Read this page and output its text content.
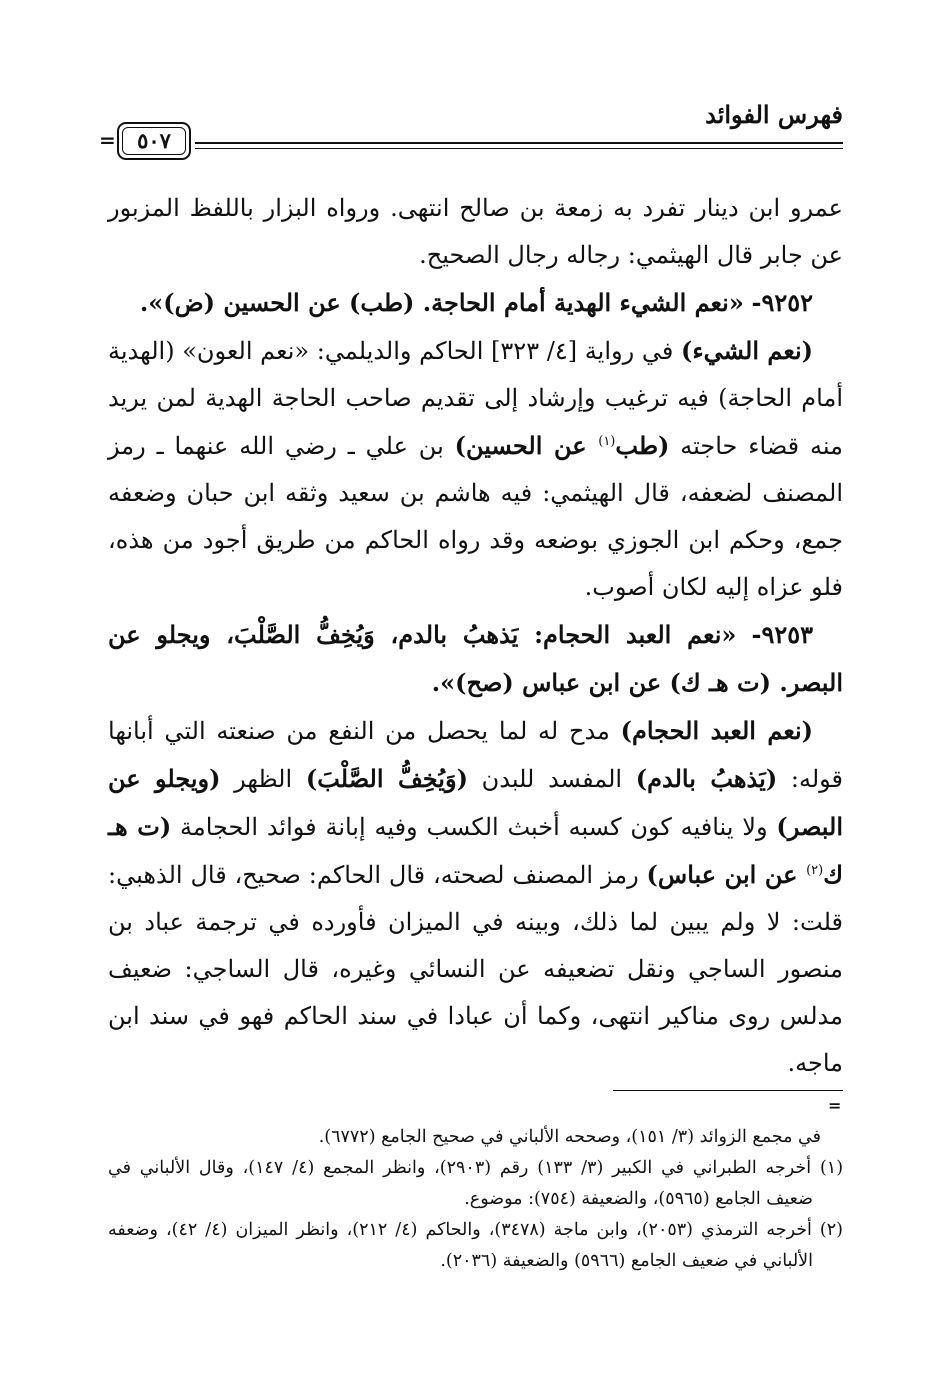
فهرس الفوائد
٥٠٧
=

عمرو ابن دينار تفرد به زمعة بن صالح انتهى. ورواه البزار باللفظ المزبور عن جابر قال الهيثمي: رجاله رجال الصحيح.

٩٢٥٢- «نعم الشيء الهدية أمام الحاجة. (طب) عن الحسين (ض)».

(نعم الشيء) في رواية [٤/ ٣٢٣] الحاكم والديلمي: «نعم العون» (الهدية أمام الحاجة) فيه ترغيب وإرشاد إلى تقديم صاحب الحاجة الهدية لمن يريد منه قضاء حاجته (طب$^{(١)}$ عن الحسين) بن علي ـ رضي الله عنهما ـ رمز المصنف لضعفه، قال الهيثمي: فيه هاشم بن سعيد وثقه ابن حبان وضعفه جمع، وحكم ابن الجوزي بوضعه وقد رواه الحاكم من طريق أجود من هذه، فلو عزاه إليه لكان أصوب.

٩٢٥٣- «نعم العبد الحجام: يَذهبُ بالدم، وَيُخِفُّ الصَّلْبَ، ويجلو عن البصر. (ت هـ ك) عن ابن عباس (صح)».

(نعم العبد الحجام) مدح له لما يحصل من النفع من صنعته التي أبانها قوله: (يَذهبُ بالدم) المفسد للبدن (وَيُخِفُّ الصَّلْبَ) الظهر (ويجلو عن البصر) ولا ينافيه كون كسبه أخبث الكسب وفيه إبانة فوائد الحجامة (ت هـ ك$^{(٢)}$ عن ابن عباس) رمز المصنف لصحته، قال الحاكم: صحيح، قال الذهبي: قلت: لا ولم يبين لما ذلك، وبينه في الميزان فأورده في ترجمة عباد بن منصور الساجي ونقل تضعيفه عن النسائي وغيره، قال الساجي: ضعيف مدلس روى مناكير انتهى، وكما أن عبادا في سند الحاكم فهو في سند ابن ماجه.

=

في مجمع الزوائد (٣/ ١٥١)، وصححه الألباني في صحيح الجامع (٦٧٧٢).

(١) أخرجه الطبراني في الكبير (٣/ ١٣٣) رقم (٢٩٠٣)، وانظر المجمع (٤/ ١٤٧)، وقال الألباني في ضعيف الجامع (٥٩٦٥)، والضعيفة (٧٥٤): موضوع.

(٢) أخرجه الترمذي (٢٠٥٣)، وابن ماجة (٣٤٧٨)، والحاكم (٤/ ٢١٢)، وانظر الميزان (٤/ ٤٢)، وضعفه الألباني في ضعيف الجامع (٥٩٦٦) والضعيفة (٢٠٣٦).
